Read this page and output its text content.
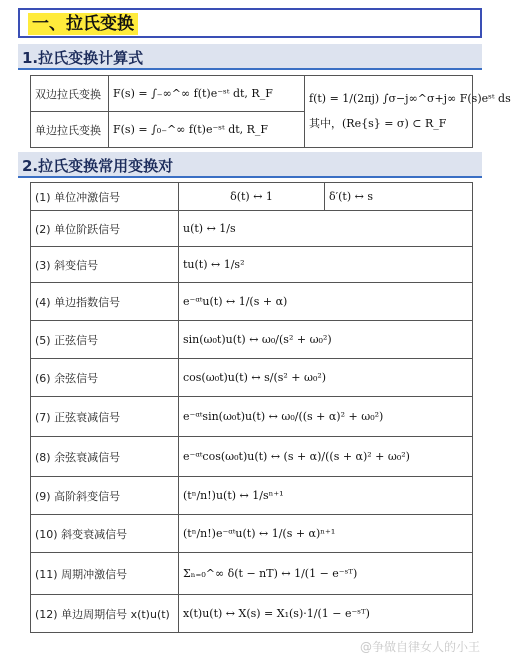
一、拉氏变换
1.拉氏变换计算式
双边拉氏变换	F(s) = ∫₋∞^∞ f(t)e⁻ˢᵗ dt, R_F	f(t) = 1/(2πj) ∫σ−j∞^σ+j∞ F(s)eˢᵗ ds
其中，(Re{s} = σ) ⊂ R_F

单边拉氏变换	F(s) = ∫₀₋^∞ f(t)e⁻ˢᵗ dt, R_F	
2.拉氏变换常用变换对
(1) 单位冲激信号	δ(t) ↔ 1	δ′(t) ↔ s
(2) 单位阶跃信号	u(t) ↔ 1/s	
(3) 斜变信号	tu(t) ↔ 1/s²	
(4) 单边指数信号	e⁻ᵅᵗu(t) ↔ 1/(s + α)	
(5) 正弦信号	sin(ω₀t)u(t) ↔ ω₀/(s² + ω₀²)	
(6) 余弦信号	cos(ω₀t)u(t) ↔ s/(s² + ω₀²)	
(7) 正弦衰减信号	e⁻ᵅᵗsin(ω₀t)u(t) ↔ ω₀/((s + α)² + ω₀²)	
(8) 余弦衰减信号	e⁻ᵅᵗcos(ω₀t)u(t) ↔ (s + α)/((s + α)² + ω₀²)	
(9) 高阶斜变信号	(tⁿ/n!)u(t) ↔ 1/sⁿ⁺¹	
(10) 斜变衰减信号	(tⁿ/n!)e⁻ᵅᵗu(t) ↔ 1/(s + α)ⁿ⁺¹	
(11) 周期冲激信号	Σₙ₌₀^∞ δ(t − nT) ↔ 1/(1 − e⁻ˢᵀ)	
(12) 单边周期信号 x(t)u(t)	x(t)u(t) ↔ X(s) = X₁(s)·1/(1 − e⁻ˢᵀ)	
@争做自律女人的小王
